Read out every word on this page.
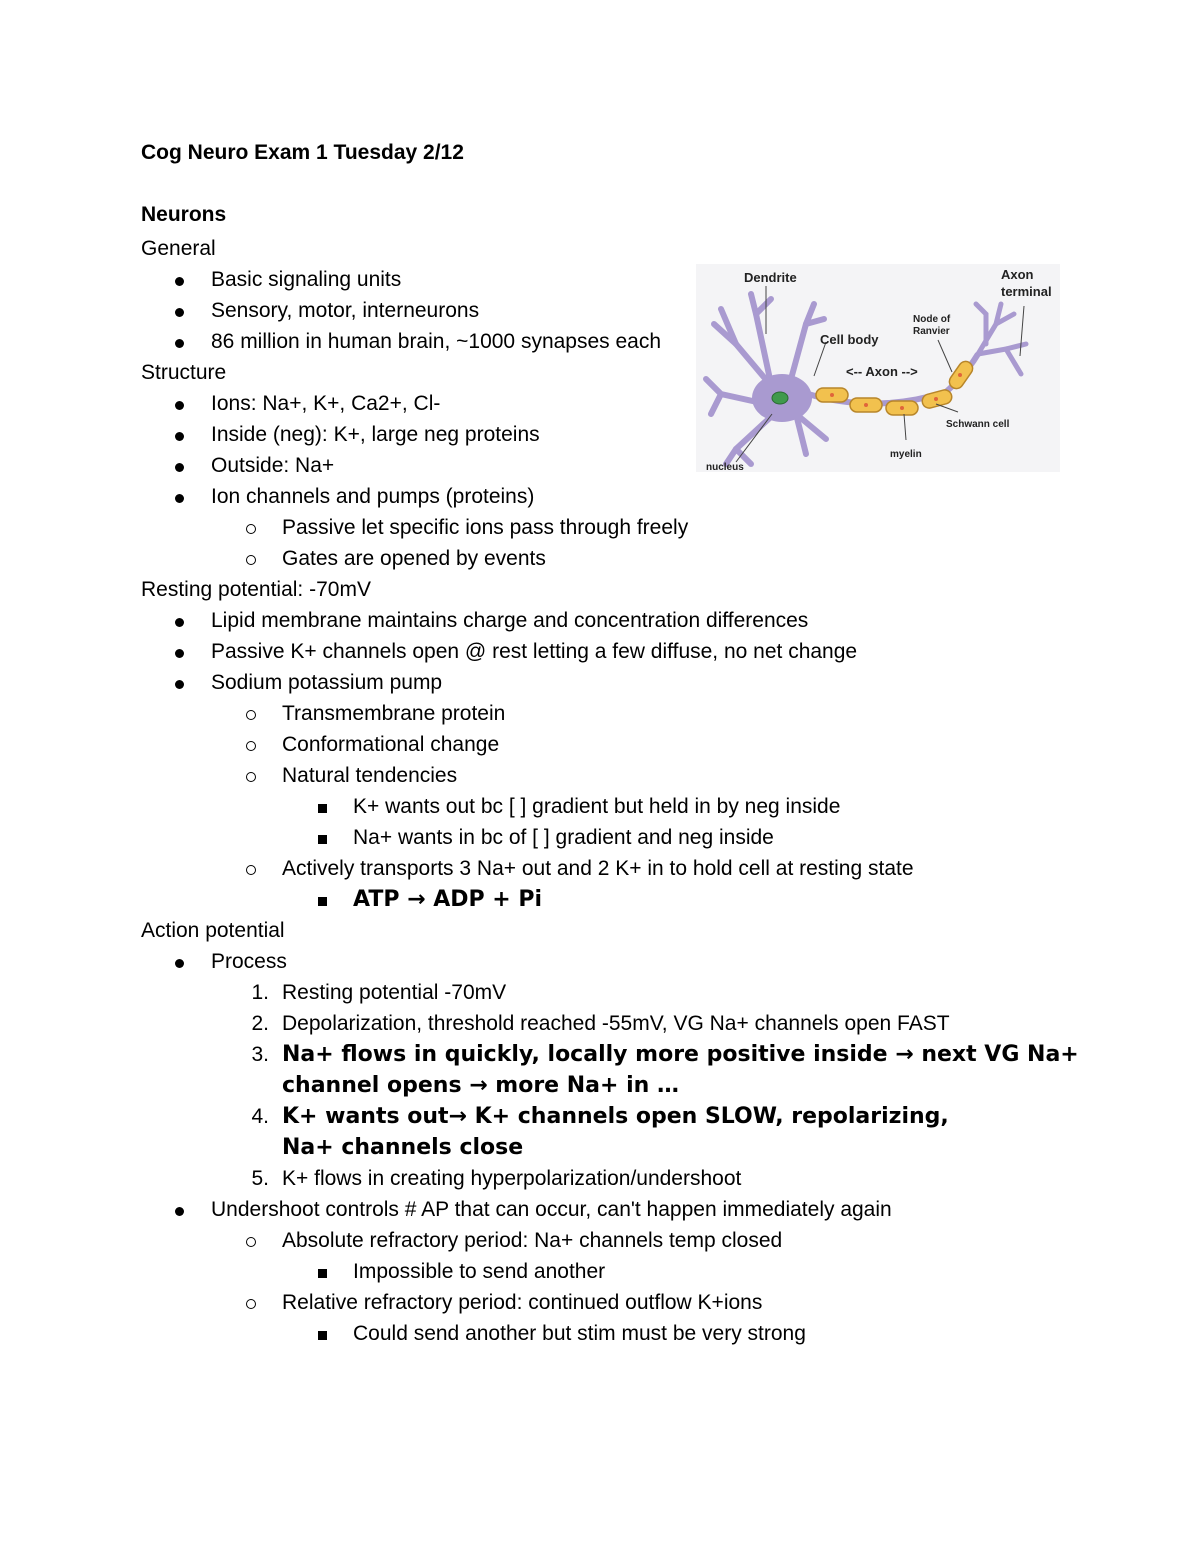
Cog Neuro Exam 1 Tuesday 2/12
Neurons
General
Basic signaling units
Sensory, motor, interneurons
86 million in human brain, ~1000 synapses each
Structure
Ions: Na+, K+, Ca2+, Cl-
Inside (neg): K+, large neg proteins
Outside: Na+
Ion channels and pumps (proteins)
Passive let specific ions pass through freely
Gates are opened by events
Resting potential: -70mV
Lipid membrane maintains charge and concentration differences
Passive K+ channels open @ rest letting a few diffuse, no net change
Sodium potassium pump
Transmembrane protein
Conformational change
Natural tendencies
K+ wants out bc [ ] gradient but held in by neg inside
Na+ wants in bc of [ ] gradient and neg inside
Actively transports 3 Na+ out and 2 K+ in to hold cell at resting state
ATP → ADP + Pi
Action potential
Process
1. Resting potential -70mV
2. Depolarization, threshold reached -55mV, VG Na+ channels open FAST
3. Na+ flows in quickly, locally more positive inside → next VG Na+ channel opens → more Na+ in …
4. K+ wants out→ K+ channels open SLOW, repolarizing, Na+ channels close
5. K+ flows in creating hyperpolarization/undershoot
Undershoot controls # AP that can occur, can't happen immediately again
Absolute refractory period: Na+ channels temp closed
Impossible to send another
Relative refractory period: continued outflow K+ions
Could send another but stim must be very strong
Dendrite	Axon
terminal
Node of
Ranvier
Cell body
<-- Axon -->
Schwann cell
myelin
nucleus
